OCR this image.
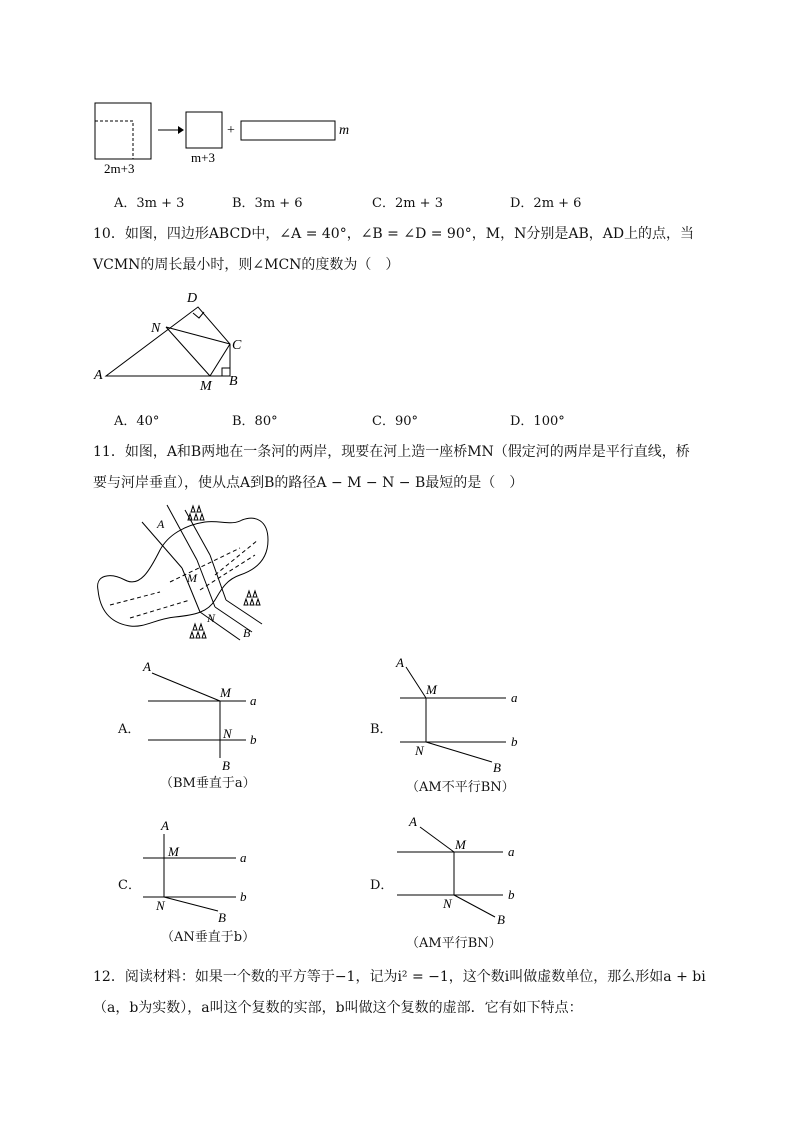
2m+3
m+3
+	m
A．3m + 3	B．3m + 6	C．2m + 3	D．2m + 6
10．如图，四边形ABCD中，∠A = 40°，∠B = ∠D = 90°，M，N分别是AB，AD上的点，当
VCMN的周长最小时，则∠MCN的度数为（　）
A	B
C
D
M
N
A．40°	B．80°	C．90°	D．100°
11．如图，A和B两地在一条河的两岸，现要在河上造一座桥MN（假定河的两岸是平行直线，桥
要与河岸垂直），使从点A到B的路径A − M − N − B最短的是（　）
A
M
N
B
A．
A
M
a
N b
B
（BM垂直于a）
B．
A
M
a
N
b
B
（AM不平行BN）
C．
A
M	a
N
b
B
（AN垂直于b）
D．
A
M	a
N
b
B
（AM平行BN）
12．阅读材料：如果一个数的平方等于−1，记为i² = −1，这个数i叫做虚数单位，那么形如a + bi
（a，b为实数），a叫这个复数的实部，b叫做这个复数的虚部．它有如下特点：
